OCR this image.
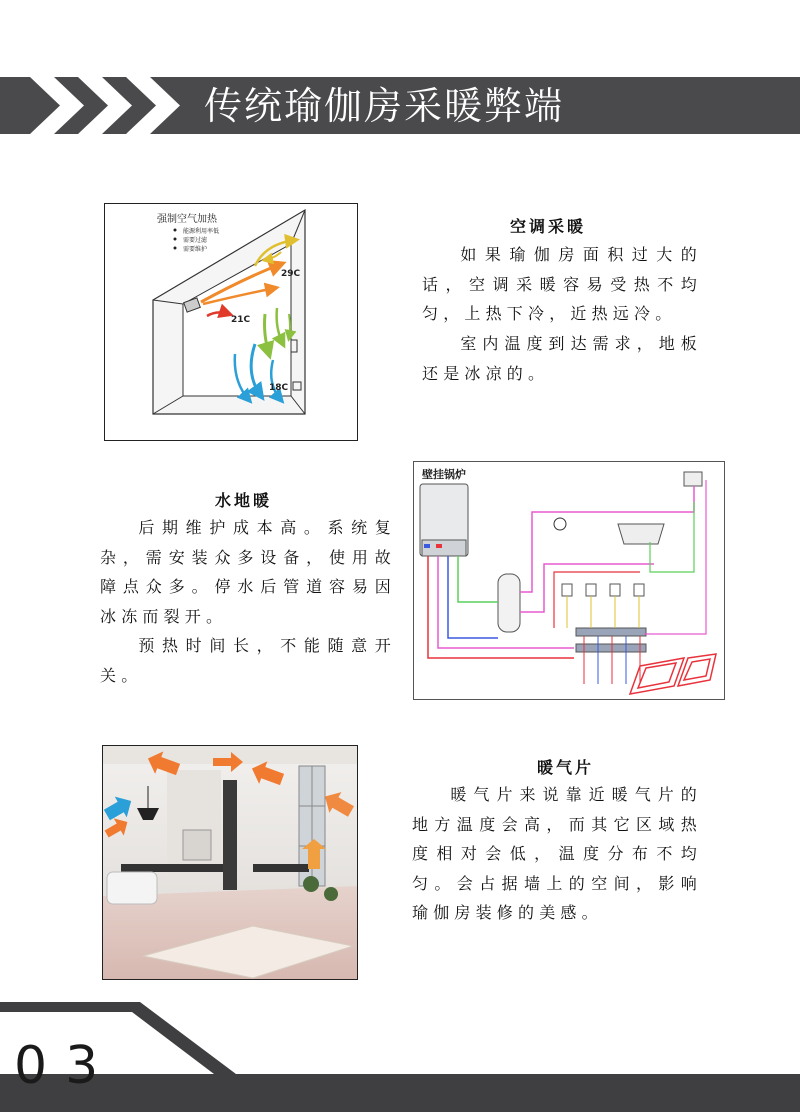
传统瑜伽房采暖弊端
强制空气加热
能源利用率低
需要过滤
需要维护
29C
21C
18C
空调采暖

如果瑜伽房面积过大的话，空调采暖容易受热不均匀，上热下冷，近热远冷。

室内温度到达需求，地板还是冰凉的。

水地暖

后期维护成本高。系统复杂，需安装众多设备，使用故障点众多。停水后管道容易因冰冻而裂开。

预热时间长，不能随意开关。

壁挂锅炉
暖气片

暖气片来说靠近暖气片的地方温度会高，而其它区域热度相对会低，温度分布不均匀。会占据墙上的空间，影响瑜伽房装修的美感。

03
